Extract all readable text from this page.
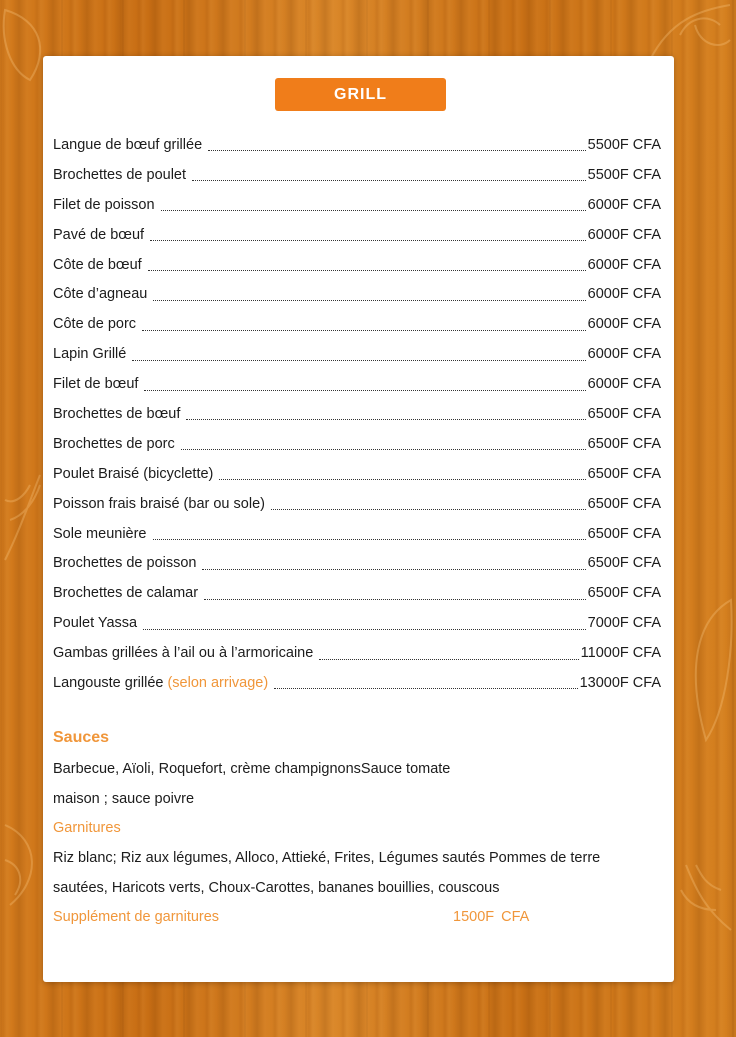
GRILL
Langue de bœuf grillée	5500F CFA
Brochettes de poulet	5500F CFA
Filet de poisson	6000F CFA
Pavé de bœuf	6000F CFA
Côte de bœuf	6000F CFA
Côte d’agneau	6000F CFA
Côte de porc	6000F CFA
Lapin Grillé	6000F CFA
Filet de bœuf	6000F CFA
Brochettes de bœuf	6500F CFA
Brochettes de porc	6500F CFA
Poulet Braisé (bicyclette)	6500F CFA
Poisson frais braisé (bar ou sole)	6500F CFA
Sole meunière	6500F CFA
Brochettes de poisson	6500F CFA
Brochettes de calamar	6500F CFA
Poulet Yassa	7000F CFA
Gambas grillées à l’ail ou à l’armoricaine	11000F CFA
Langouste grillée (selon arrivage)	13000F CFA
Sauces
Barbecue, Aïoli, Roquefort, crème champignonsSauce tomate
maison ; sauce poivre
Garnitures
Riz blanc; Riz aux légumes, Alloco, Attieké, Frites, Légumes sautés Pommes de terre
sautées, Haricots verts, Choux-Carottes, bananes bouillies, couscous
Supplément de garnitures	1500F CFA
